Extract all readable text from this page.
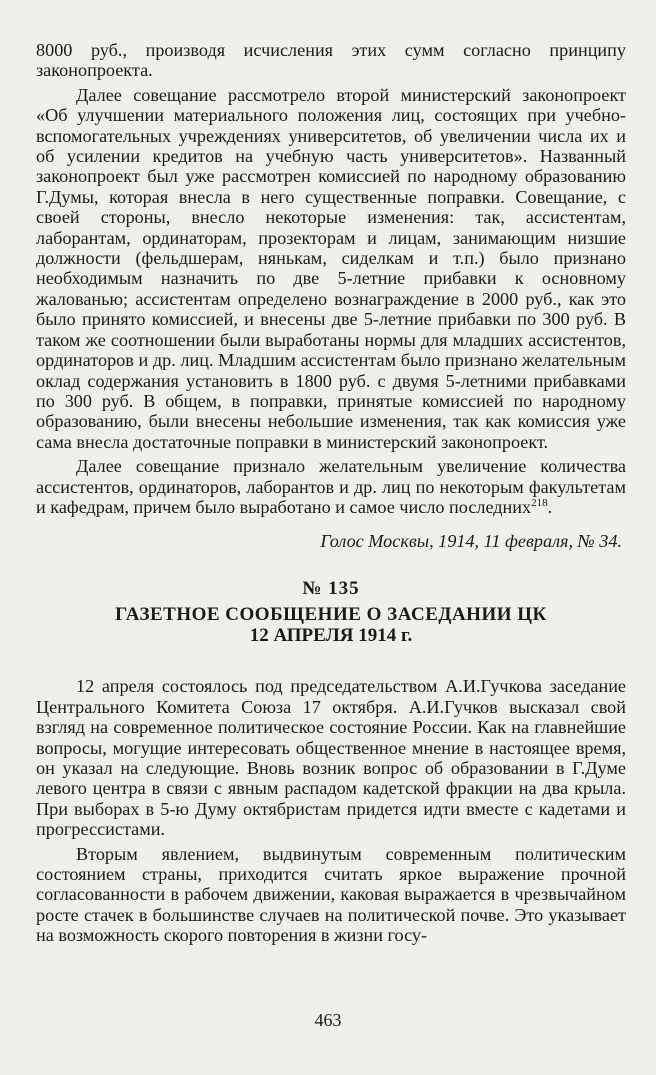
8000 руб., производя исчисления этих сумм согласно принципу законопроекта.

Далее совещание рассмотрело второй министерский законопроект «Об улучшении материального положения лиц, состоящих при учебно-вспомогательных учреждениях университетов, об увеличении числа их и об усилении кредитов на учебную часть университетов». Названный законопроект был уже рассмотрен комиссией по народному образованию Г.Думы, которая внесла в него существенные поправки. Совещание, с своей стороны, внесло некоторые изменения: так, ассистентам, лаборантам, ординаторам, прозекторам и лицам, занимающим низшие должности (фельдшерам, нянькам, сиделкам и т.п.) было признано необходимым назначить по две 5-летние прибавки к основному жалованью; ассистентам определено вознаграждение в 2000 руб., как это было принято комиссией, и внесены две 5-летние прибавки по 300 руб. В таком же соотношении были выработаны нормы для младших ассистентов, ординаторов и др. лиц. Младшим ассистентам было признано желательным оклад содержания установить в 1800 руб. с двумя 5-летними прибавками по 300 руб. В общем, в поправки, принятые комиссией по народному образованию, были внесены небольшие изменения, так как комиссия уже сама внесла достаточные поправки в министерский законопроект.

Далее совещание признало желательным увеличение количества ассистентов, ординаторов, лаборантов и др. лиц по некоторым факультетам и кафедрам, причем было выработано и самое число последних$^{218}$.

Голос Москвы, 1914, 11 февраля, № 34.

№ 135
ГАЗЕТНОЕ СООБЩЕНИЕ О ЗАСЕДАНИИ ЦК
12 АПРЕЛЯ 1914 г.

12 апреля состоялось под председательством А.И.Гучкова заседание Центрального Комитета Союза 17 октября. А.И.Гучков высказал свой взгляд на современное политическое состояние России. Как на главнейшие вопросы, могущие интересовать общественное мнение в настоящее время, он указал на следующие. Вновь возник вопрос об образовании в Г.Думе левого центра в связи с явным распадом кадетской фракции на два крыла. При выборах в 5-ю Думу октябристам придется идти вместе с кадетами и прогрессистами.

Вторым явлением, выдвинутым современным политическим состоянием страны, приходится считать яркое выражение прочной согласованности в рабочем движении, каковая выражается в чрезвычайном росте стачек в большинстве случаев на политической почве. Это указывает на возможность скорого повторения в жизни госу-

463
